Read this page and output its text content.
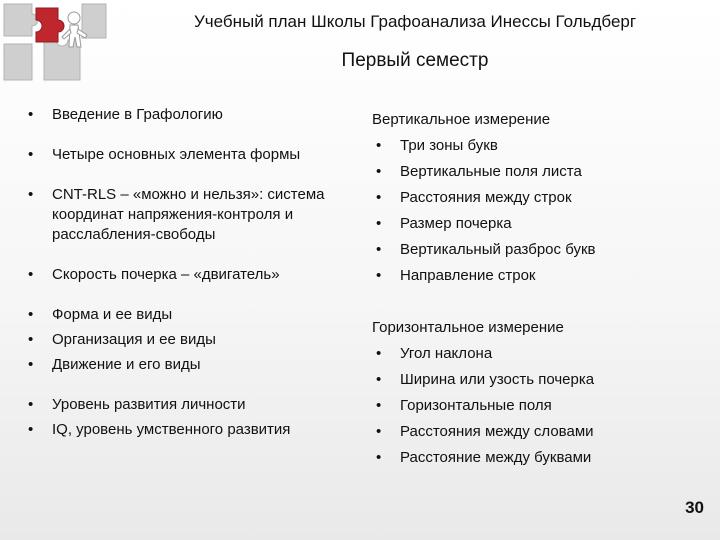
Учебный план Школы Графоанализа Инессы Гольдберг
Первый семестр
• Введение в Графологию
• Четыре основных элемента формы
• CNT-RLS – «можно и нельзя»: система координат напряжения-контроля и расслабления-свободы
• Скорость почерка – «двигатель»
• Форма и ее виды
• Организация и ее виды
• Движение и его виды
• Уровень развития личности
• IQ, уровень умственного развития
Вертикальное измерение
• Три зоны букв
• Вертикальные поля листа
• Расстояния между строк
• Размер почерка
• Вертикальный разброс букв
• Направление строк
Горизонтальное измерение
• Угол наклона
• Ширина или узость почерка
• Горизонтальные поля
• Расстояния между словами
• Расстояние между буквами
30
